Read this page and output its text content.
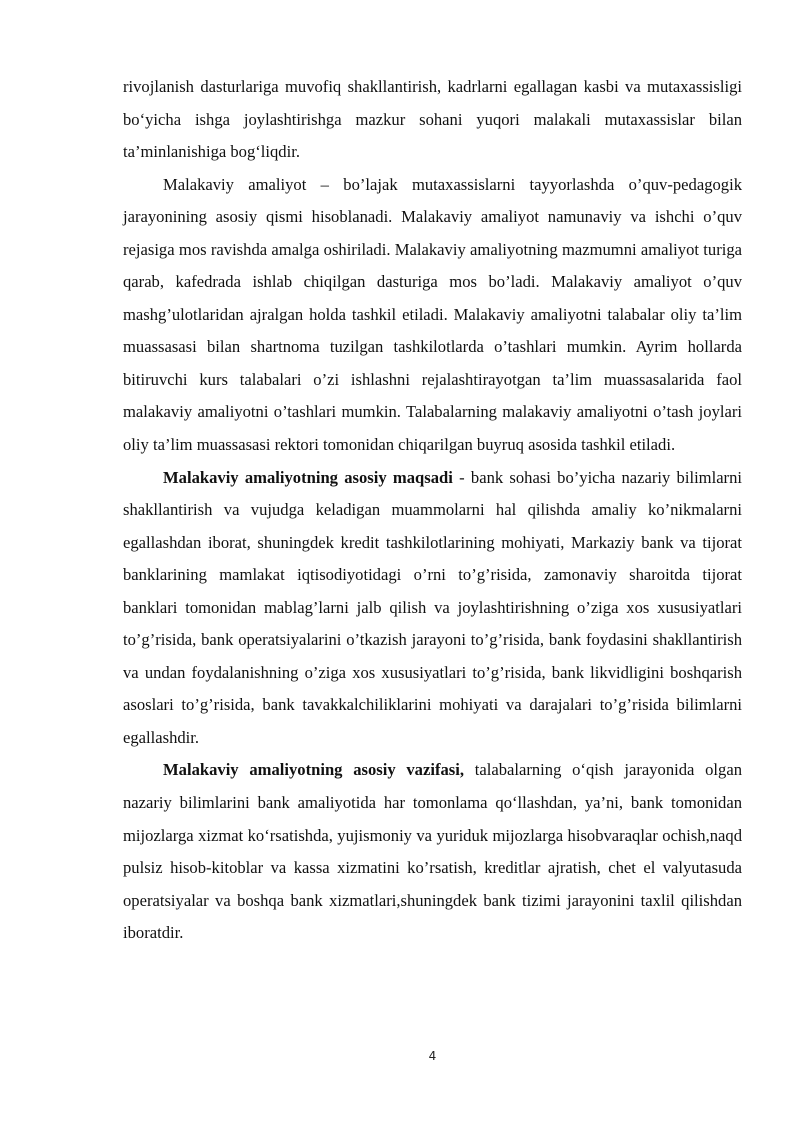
rivojlanish dasturlariga muvofiq shakllantirish, kadrlarni egallagan kasbi va mutaxassisligi bo‘yicha ishga joylashtirishga mazkur sohani yuqori malakali mutaxassislar bilan ta’minlanishiga bog‘liqdir.

Malakaviy amaliyot – bo’lajak mutaxassislarni tayyorlashda o’quv-pedagogik jarayonining asosiy qismi hisoblanadi. Malakaviy amaliyot namunaviy va ishchi o’quv rejasiga mos ravishda amalga oshiriladi. Malakaviy amaliyotning mazmumni amaliyot turiga qarab, kafedrada ishlab chiqilgan dasturiga mos bo’ladi. Malakaviy amaliyot o’quv mashg’ulotlaridan ajralgan holda tashkil etiladi. Malakaviy amaliyotni talabalar oliy ta’lim muassasasi bilan shartnoma tuzilgan tashkilotlarda o’tashlari mumkin. Ayrim hollarda bitiruvchi kurs talabalari o’zi ishlashni rejalashtirayotgan ta’lim muassasalarida faol malakaviy amaliyotni o’tashlari mumkin. Talabalarning malakaviy amaliyotni o’tash joylari oliy ta’lim muassasasi rektori tomonidan chiqarilgan buyruq asosida tashkil etiladi.

Malakaviy amaliyotning asosiy maqsadi - bank sohasi bo’yicha nazariy bilimlarni shakllantirish va vujudga keladigan muammolarni hal qilishda amaliy ko’nikmalarni egallashdan iborat, shuningdek kredit tashkilotlarining mohiyati, Markaziy bank va tijorat banklarining mamlakat iqtisodiyotidagi o’rni to’g’risida, zamonaviy sharoitda tijorat banklari tomonidan mablag’larni jalb qilish va joylashtirishning o’ziga xos xususiyatlari to’g’risida, bank operatsiyalarini o’tkazish jarayoni to’g’risida, bank foydasini shakllantirish va undan foydalanishning o’ziga xos xususiyatlari to’g’risida, bank likvidligini boshqarish asoslari to’g’risida, bank tavakkalchiliklarini mohiyati va darajalari to’g’risida bilimlarni egallashdir.

Malakaviy amaliyotning asosiy vazifasi, talabalarning o‘qish jarayonida olgan nazariy bilimlarini bank amaliyotida har tomonlama qo‘llashdan, ya’ni, bank tomonidan mijozlarga xizmat ko‘rsatishda, yujismoniy va yuriduk mijozlarga hisobvaraqlar ochish,naqd pulsiz hisob-kitoblar va kassa xizmatini ko’rsatish, kreditlar ajratish, chet el valyutasuda operatsiyalar va boshqa bank xizmatlari,shuningdek bank tizimi jarayonini taxlil qilishdan iboratdir.

4
